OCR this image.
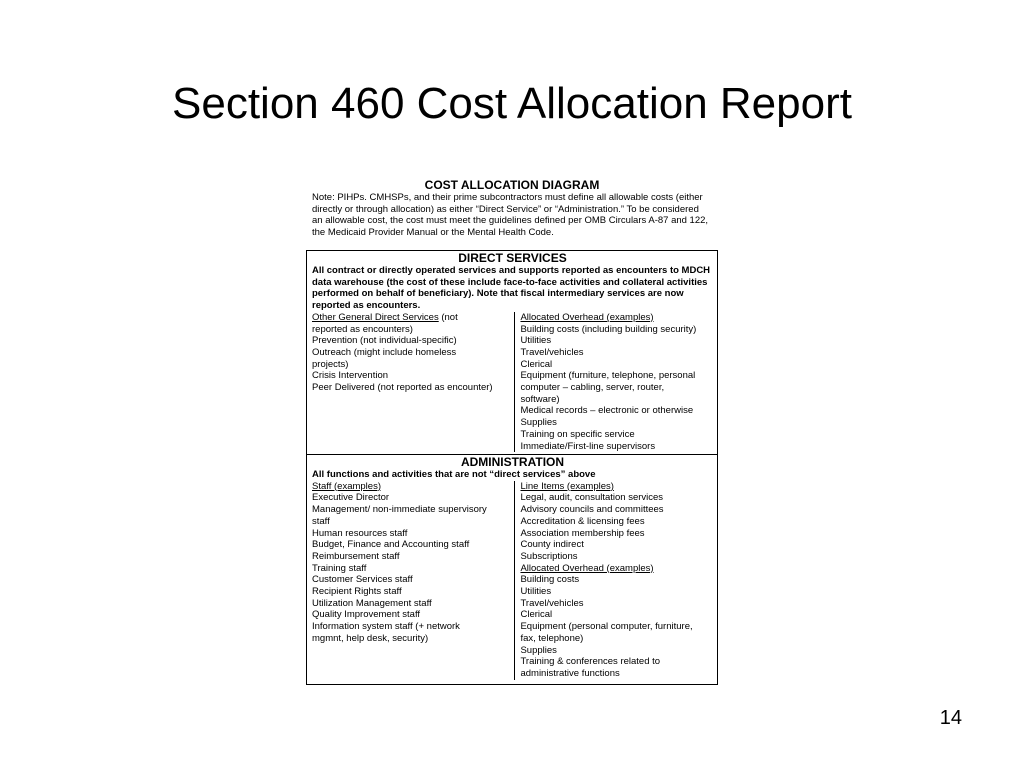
Section 460 Cost Allocation Report
COST ALLOCATION DIAGRAM
Note: PIHPs. CMHSPs, and their prime subcontractors must define all allowable costs (either directly or through allocation) as either “Direct Service” or “Administration.” To be considered an allowable cost, the cost must meet the guidelines defined per OMB Circulars A-87 and 122, the Medicaid Provider Manual or the Mental Health Code.
DIRECT SERVICES
All contract or directly operated services and supports reported as encounters to MDCH data warehouse (the cost of these include face-to-face activities and collateral activities performed on behalf of beneficiary). Note that fiscal intermediary services are now reported as encounters.
Other General Direct Services (not
reported as encounters)
Prevention (not individual-specific)
Outreach (might include homeless
projects)
Crisis Intervention
Peer Delivered (not reported as encounter)
Allocated Overhead (examples)
Building costs (including building security)
Utilities
Travel/vehicles
Clerical
Equipment (furniture, telephone, personal
computer – cabling, server, router,
software)
Medical records – electronic or otherwise
Supplies
Training on specific service
Immediate/First-line supervisors
ADMINISTRATION
All functions and activities that are not “direct services” above
Staff (examples)
Executive Director
Management/ non-immediate supervisory
staff
Human resources staff
Budget, Finance and Accounting staff
Reimbursement staff
Training staff
Customer Services staff
Recipient Rights staff
Utilization Management staff
Quality Improvement staff
Information system staff (+ network
mgmnt, help desk, security)
Line Items (examples)
Legal, audit, consultation services
Advisory councils and committees
Accreditation & licensing fees
Association membership fees
County indirect
Subscriptions
Allocated Overhead (examples)
Building costs
Utilities
Travel/vehicles
Clerical
Equipment (personal computer, furniture,
fax, telephone)
Supplies
Training & conferences related to
administrative functions
14
